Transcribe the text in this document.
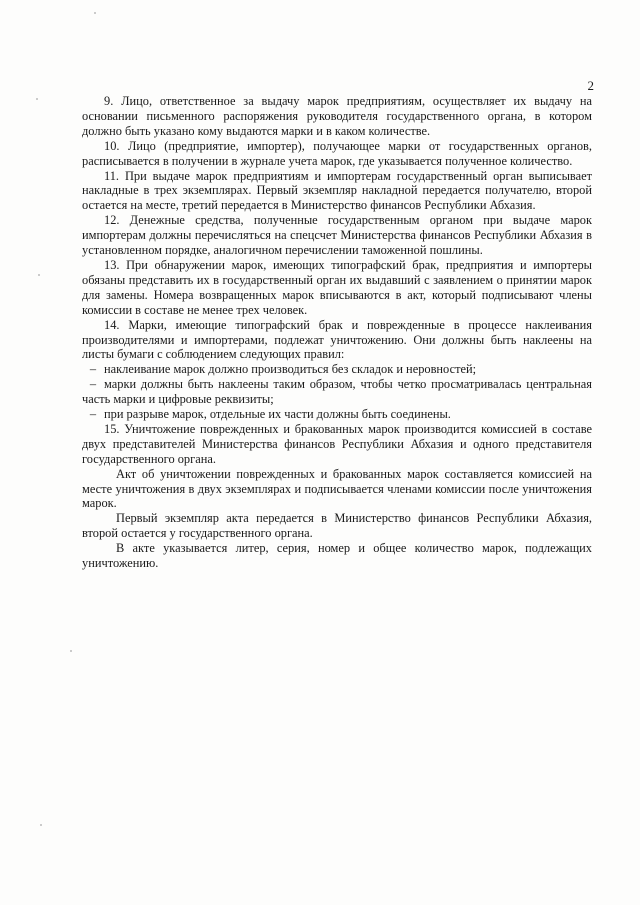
2

9. Лицо, ответственное за выдачу марок предприятиям, осуществляет их выдачу на основании письменного распоряжения руководителя государственного органа, в котором должно быть указано кому выдаются марки и в каком количестве.

10. Лицо (предприятие, импортер), получающее марки от государственных органов, расписывается в получении в журнале учета марок, где указывается полученное количество.

11. При выдаче марок предприятиям и импортерам государственный орган выписывает накладные в трех экземплярах. Первый экземпляр накладной передается получателю, второй остается на месте, третий передается в Министерство финансов Республики Абхазия.

12. Денежные средства, полученные государственным органом при выдаче марок импортерам должны перечисляться на спецсчет Министерства финансов Республики Абхазия в установленном порядке, аналогичном перечислении таможенной пошлины.

13. При обнаружении марок, имеющих типографский брак, предприятия и импортеры обязаны представить их в государственный орган их выдавший с заявлением о принятии марок для замены. Номера возвращенных марок вписываются в акт, который подписывают члены комиссии в составе не менее трех человек.

14. Марки, имеющие типографский брак и поврежденные в процессе наклеивания производителями и импортерами, подлежат уничтожению. Они должны быть наклеены на листы бумаги с соблюдением следующих правил:

– наклеивание марок должно производиться без складок и неровностей;

– марки должны быть наклеены таким образом, чтобы четко просматривалась центральная часть марки и цифровые реквизиты;

– при разрыве марок, отдельные их части должны быть соединены.

15. Уничтожение поврежденных и бракованных марок производится комиссией в составе двух представителей Министерства финансов Республики Абхазия и одного представителя государственного органа.

Акт об уничтожении поврежденных и бракованных марок составляется комиссией на месте уничтожения в двух экземплярах и подписывается членами комиссии после уничтожения марок.

Первый экземпляр акта передается в Министерство финансов Республики Абхазия, второй остается у государственного органа.

В акте указывается литер, серия, номер и общее количество марок, подлежащих уничтожению.
